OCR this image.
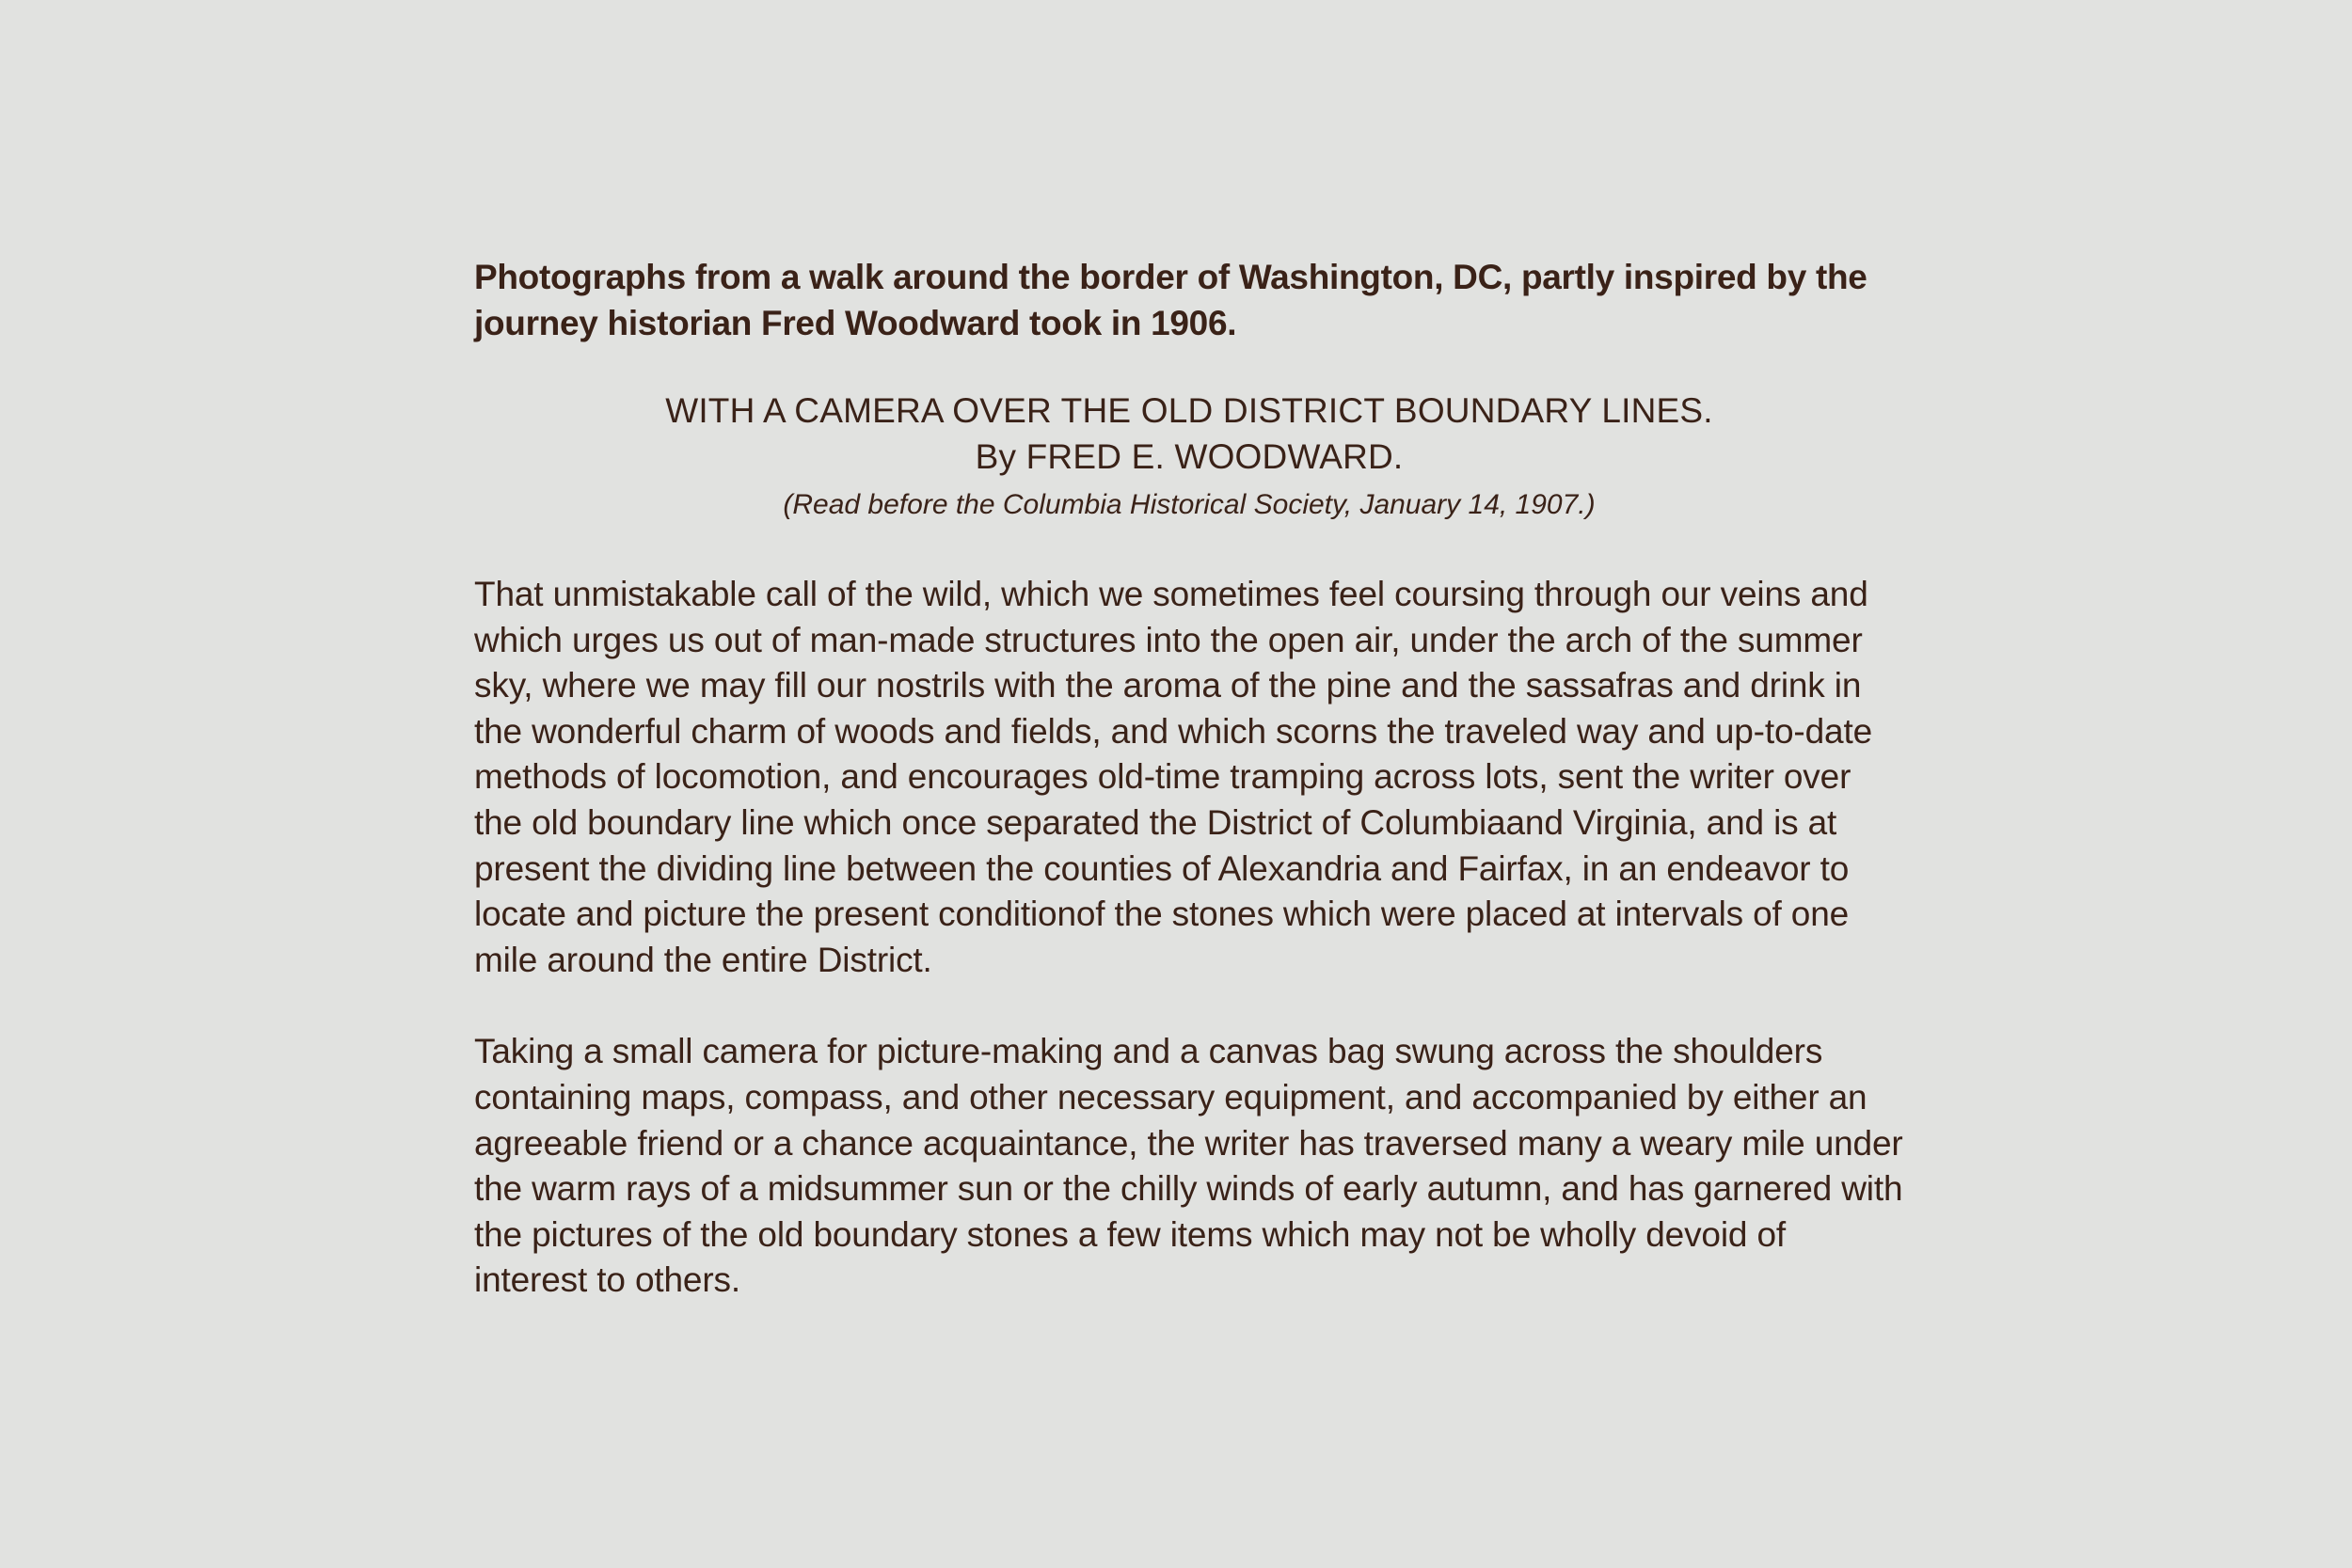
Photographs from a walk around the border of Washington, DC, partly inspired by the journey historian Fred Woodward took in 1906.

WITH A CAMERA OVER THE OLD DISTRICT BOUNDARY LINES.

By FRED E. WOODWARD.

(Read before the Columbia Historical Society, January 14, 1907.)

That unmistakable call of the wild, which we sometimes feel coursing through our veins and which urges us out of man-made structures into the open air, under the arch of the summer sky, where we may fill our nostrils with the aroma of the pine and the sassafras and drink in the wonderful charm of woods and fields, and which scorns the traveled way and up-to-date methods of locomotion, and encourages old-time tramping across lots, sent the writer over the old boundary line which once separated the District of Columbiaand Virginia, and is at present the dividing line between the counties of Alexandria and Fairfax, in an endeavor to locate and picture the present conditionof the stones which were placed at intervals of one mile around the entire District.

Taking a small camera for picture-making and a canvas bag swung across the shoulders containing maps, compass, and other necessary equipment, and accompanied by either an agreeable friend or a chance acquaintance, the writer has traversed many a weary mile under the warm rays of a midsummer sun or the chilly winds of early autumn, and has garnered with the pictures of the old boundary stones a few items which may not be wholly devoid of interest to others.
